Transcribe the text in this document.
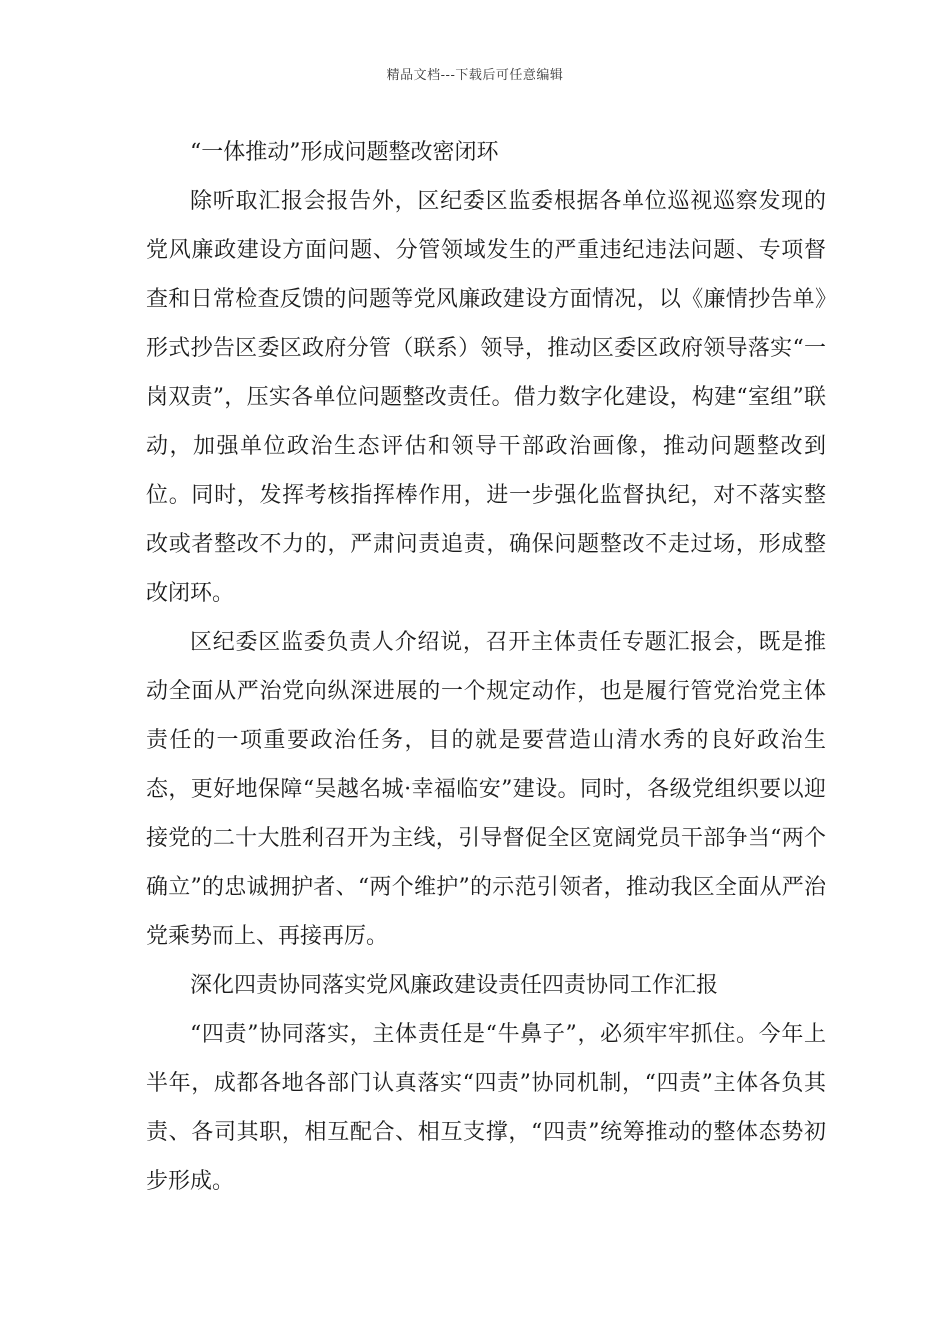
精品文档---下载后可任意编辑

“一体推动”形成问题整改密闭环

除听取汇报会报告外，区纪委区监委根据各单位巡视巡察发现的党风廉政建设方面问题、分管领域发生的严重违纪违法问题、专项督查和日常检查反馈的问题等党风廉政建设方面情况，以《廉情抄告单》形式抄告区委区政府分管（联系）领导，推动区委区政府领导落实“一岗双责”，压实各单位问题整改责任。借力数字化建设，构建“室组”联动，加强单位政治生态评估和领导干部政治画像，推动问题整改到位。同时，发挥考核指挥棒作用，进一步强化监督执纪，对不落实整改或者整改不力的，严肃问责追责，确保问题整改不走过场，形成整改闭环。

区纪委区监委负责人介绍说，召开主体责任专题汇报会，既是推动全面从严治党向纵深进展的一个规定动作，也是履行管党治党主体责任的一项重要政治任务，目的就是要营造山清水秀的良好政治生态，更好地保障“吴越名城·幸福临安”建设。同时，各级党组织要以迎接党的二十大胜利召开为主线，引导督促全区宽阔党员干部争当“两个确立”的忠诚拥护者、“两个维护”的示范引领者，推动我区全面从严治党乘势而上、再接再厉。

深化四责协同落实党风廉政建设责任四责协同工作汇报

“四责”协同落实，主体责任是“牛鼻子”，必须牢牢抓住。今年上半年，成都各地各部门认真落实“四责”协同机制，“四责”主体各负其责、各司其职，相互配合、相互支撑，“四责”统筹推动的整体态势初步形成。
